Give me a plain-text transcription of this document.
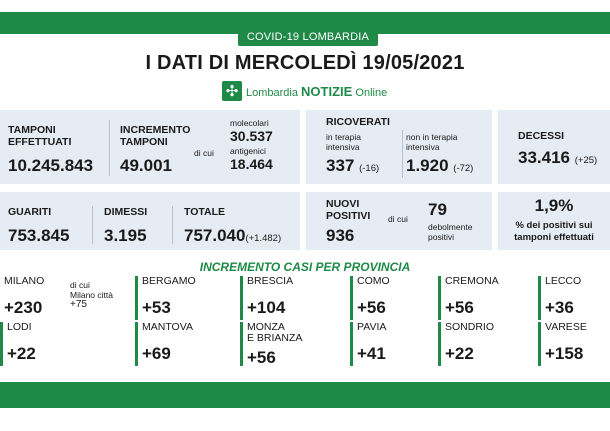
COVID-19 LOMBARDIA
I DATI DI MERCOLEDÌ 19/05/2021
✣ Lombardia NOTIZIE Online
TAMPONI
EFFETTUATI
10.245.843
INCREMENTO
TAMPONI
di cui
49.001
molecolari
30.537
antigenici
18.464
RICOVERATI
in terapia
intensiva
337 (-16)
non in terapia
intensiva
1.920 (-72)
DECESSI
33.416 (+25)
GUARITI
753.845
DIMESSI
3.195
TOTALE
757.040(+1.482)
NUOVI
POSITIVI di cui
936
79
debolmente
positivi
1,9%
% dei positivi sui
tamponi effettuati
INCREMENTO CASI PER PROVINCIA
MILANO
+230
di cui
Milano città
+75
BERGAMO
+53
BRESCIA
+104
COMO
+56
CREMONA
+56
LECCO
+36
LODI
+22
MANTOVA
+69
MONZA
E BRIANZA
+56
PAVIA
+41
SONDRIO
+22
VARESE
+158
